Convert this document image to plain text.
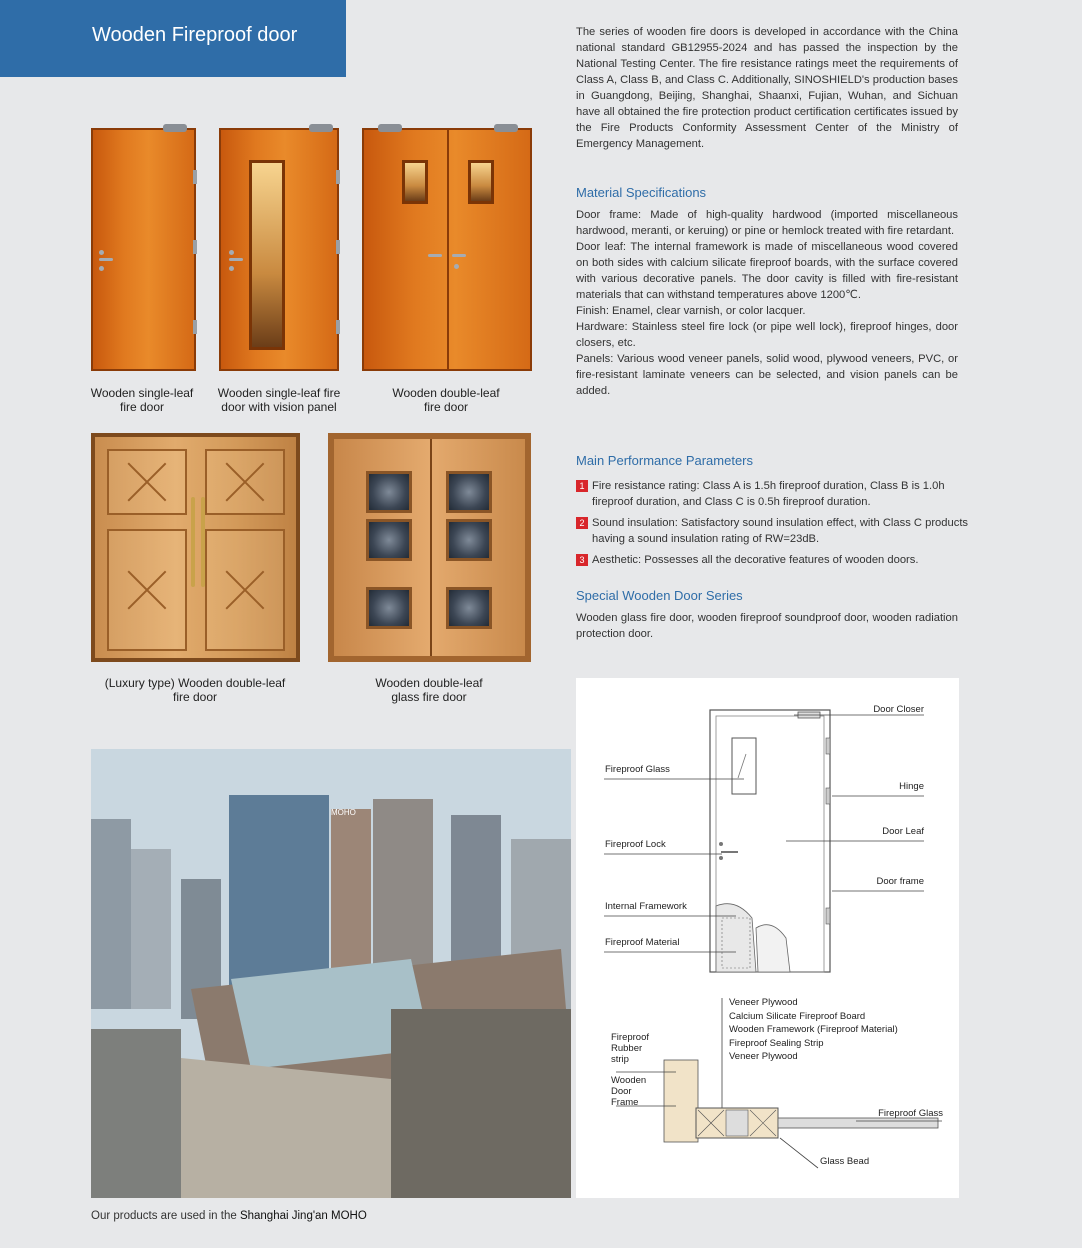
Wooden Fireproof door
Wooden single-leaf
fire door
Wooden single-leaf fire
door with vision panel
Wooden double-leaf
fire door
(Luxury type) Wooden double-leaf
fire door
Wooden double-leaf
glass fire door
The series of wooden fire doors is developed in accordance with the China national standard GB12955-2024 and has passed the inspection by the National Testing Center. The fire resistance ratings meet the requirements of Class A, Class B, and Class C. Additionally, SINOSHIELD's production bases in Guangdong, Beijing, Shanghai, Shaanxi, Fujian, Wuhan, and Sichuan have all obtained the fire protection product certification certificates issued by the Fire Products Conformity Assessment Center of the Ministry of Emergency Management.
Material Specifications
Door frame: Made of high-quality hardwood (imported miscellaneous hardwood, meranti, or keruing) or pine or hemlock treated with fire retardant.
Door leaf: The internal framework is made of miscellaneous wood covered on both sides with calcium silicate fireproof boards, with the surface covered with various decorative panels. The door cavity is filled with fire-resistant materials that can withstand temperatures above 1200℃.
Finish: Enamel, clear varnish, or color lacquer.
Hardware: Stainless steel fire lock (or pipe well lock), fireproof hinges, door closers, etc.
Panels: Various wood veneer panels, solid wood, plywood veneers, PVC, or fire-resistant laminate veneers can be selected, and vision panels can be added.
Main Performance Parameters
1 Fire resistance rating: Class A is 1.5h fireproof duration, Class B is 1.0h fireproof duration, and Class C is 0.5h fireproof duration.
2 Sound insulation: Satisfactory sound insulation effect, with Class C products having a sound insulation rating of RW=23dB.
3 Aesthetic: Possesses all the decorative features of wooden doors.
Special Wooden Door Series
Wooden glass fire door, wooden fireproof soundproof door, wooden radiation protection door.
Door Closer
Hinge
Door Leaf
Door frame
Fireproof Glass
Fireproof Lock
Internal Framework
Fireproof Material
Veneer Plywood
Calcium Silicate Fireproof Board
Wooden Framework (Fireproof Material)
Fireproof Sealing Strip
Veneer Plywood
Fireproof
Rubber
strip
Wooden
Door
Frame
Fireproof Glass
Glass Bead
MOHO
Our products are used in the Shanghai Jing'an MOHO
